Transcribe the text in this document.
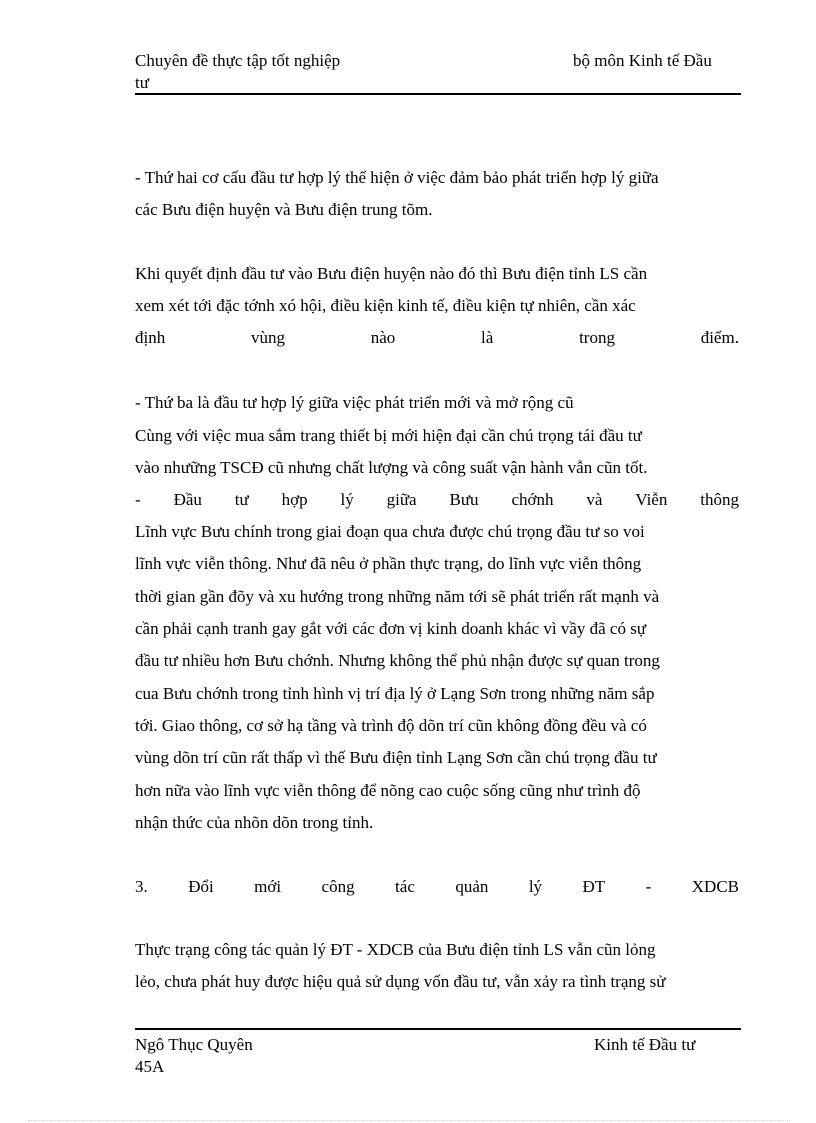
Chuyên đề thực tập tốt nghiệp
tư
bộ môn Kinh tế Đầu
- Thứ hai cơ cấu đầu tư hợp lý thể hiện ở việc đảm bảo phát triển hợp lý giữa
các Bưu điện huyện và Bưu điện trung tõm.
Khi quyết định đầu tư vào Bưu điện huyện nào đó thì Bưu điện tỉnh LS cần
xem xét tới đặc tớnh xó hội, điều kiện kinh tế, điều kiện tự nhiên, cần xác
định	vùng	nào	là	trong	điểm.
- Thứ ba là đầu tư hợp lý giữa việc phát triển mới và mở rộng cũ
Cùng với việc mua sắm trang thiết bị mới hiện đại cần chú trọng tái đầu tư
vào nhưững TSCĐ cũ nhưng chất lượng và công suất vận hành vẫn cũn tốt.
- Đầu tư hợp lý giữa Bưu chớnh và Viễn thông
Lĩnh vực Bưu chính trong giai đoạn qua chưa được chú trọng đầu tư so voi
lĩnh vực viễn thông. Như đã nêu ở phần thực trạng, do lĩnh vực viễn thông
thời gian gần đõy và xu hướng trong những năm tới sẽ phát triển rất mạnh và
cần phải cạnh tranh gay gắt với các đơn vị kinh doanh khác vì vầy đã có sự
đầu tư nhiều hơn Bưu chớnh. Nhưng không thể phủ nhận được sự quan trong
cua Bưu chớnh trong tỉnh hình vị trí địa lý ở Lạng Sơn trong những năm sắp
tới. Giao thông, cơ sở hạ tầng và trình độ dõn trí cũn không đồng đều và có
vùng dõn trí cũn rất thấp vì thế Bưu điện tỉnh Lạng Sơn cần chú trọng đầu tư
hơn nữa vào lĩnh vực viễn thông để nõng cao cuộc sống cũng như trình độ
nhận thức của nhõn dõn trong tỉnh.
3. Đổi mới công tác quản lý ĐT - XDCB
Thực trạng công tác quản lý ĐT - XDCB của Bưu điện tỉnh LS vẫn cũn lỏng
lẻo, chưa phát huy được hiệu quả sử dụng vốn đầu tư, vẫn xảy ra tình trạng sử
Ngô Thục Quyên
45A
Kinh tế Đầu tư
